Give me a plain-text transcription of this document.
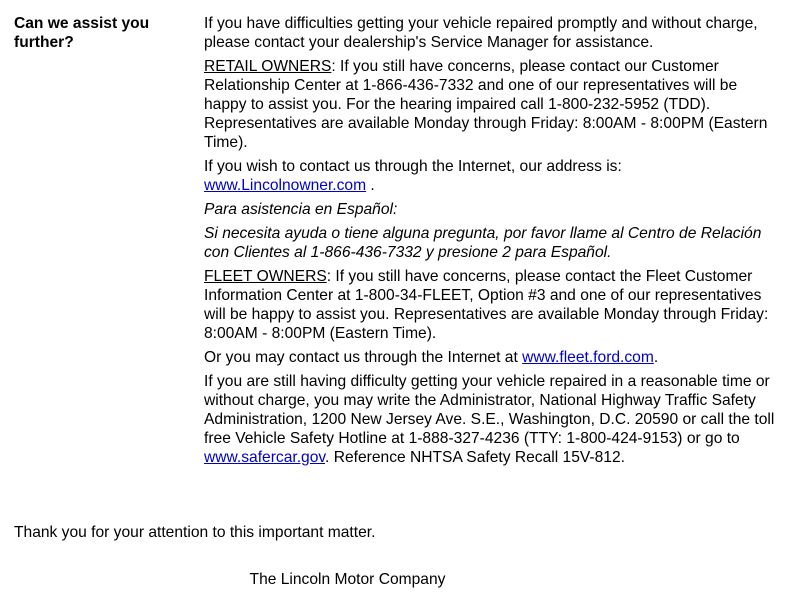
Can we assist you further?

If you have difficulties getting your vehicle repaired promptly and without charge, please contact your dealership's Service Manager for assistance.

RETAIL OWNERS: If you still have concerns, please contact our Customer Relationship Center at 1-866-436-7332 and one of our representatives will be happy to assist you. For the hearing impaired call 1-800-232-5952 (TDD). Representatives are available Monday through Friday: 8:00AM - 8:00PM (Eastern Time).

If you wish to contact us through the Internet, our address is:
www.Lincolnowner.com .

Para asistencia en Español:

Si necesita ayuda o tiene alguna pregunta, por favor llame al Centro de Relación con Clientes al 1-866-436-7332 y presione 2 para Español.

FLEET OWNERS: If you still have concerns, please contact the Fleet Customer Information Center at 1-800-34-FLEET, Option #3 and one of our representatives will be happy to assist you. Representatives are available Monday through Friday: 8:00AM - 8:00PM (Eastern Time).

Or you may contact us through the Internet at www.fleet.ford.com.

If you are still having difficulty getting your vehicle repaired in a reasonable time or without charge, you may write the Administrator, National Highway Traffic Safety Administration, 1200 New Jersey Ave. S.E., Washington, D.C. 20590 or call the toll free Vehicle Safety Hotline at 1-888-327-4236 (TTY: 1-800-424-9153) or go to www.safercar.gov. Reference NHTSA Safety Recall 15V-812.

Thank you for your attention to this important matter.
The Lincoln Motor Company
